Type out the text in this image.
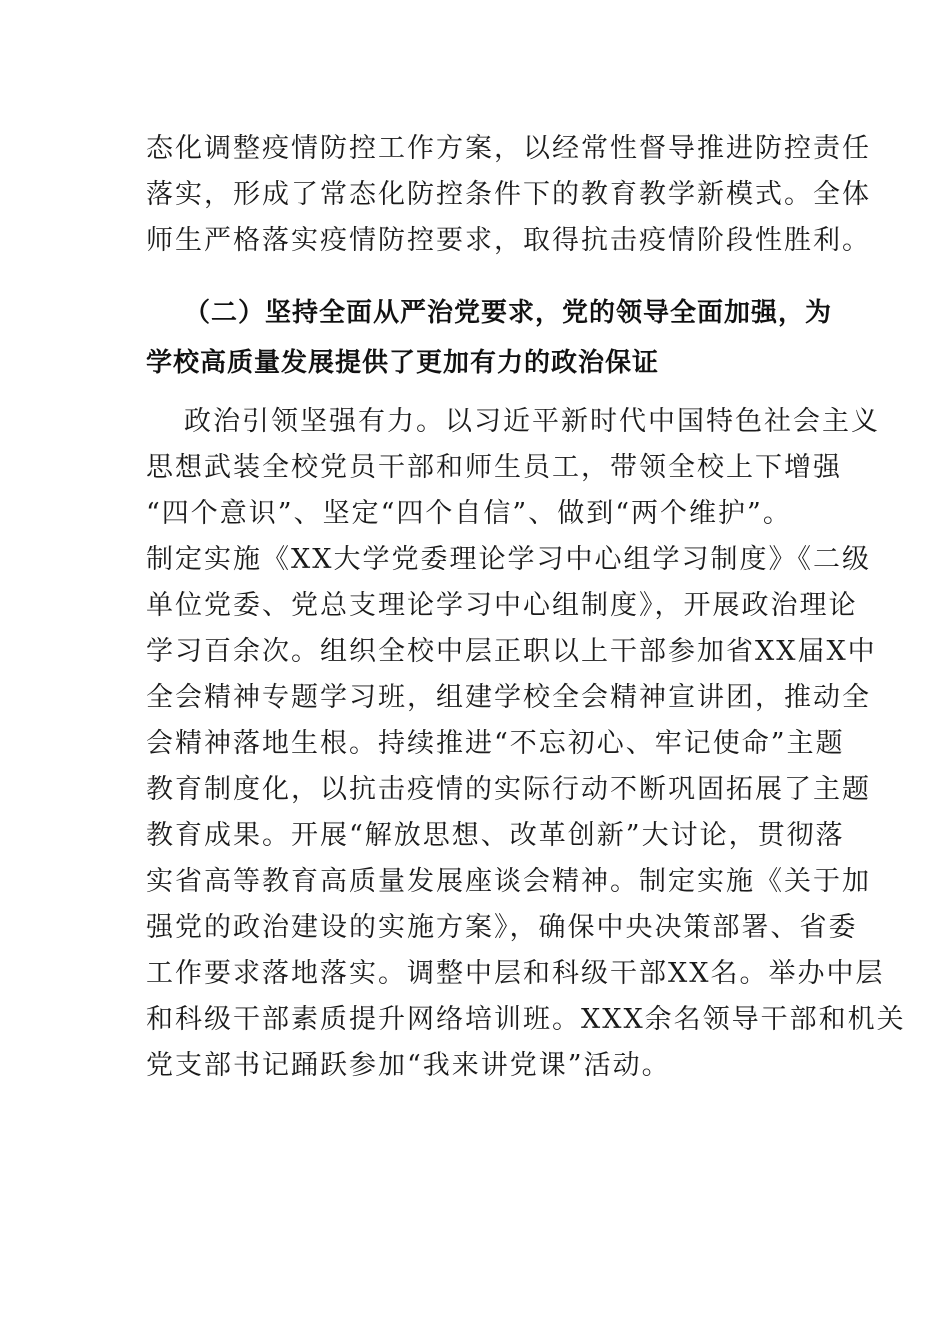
态化调整疫情防控工作方案，以经常性督导推进防控责任
落实，形成了常态化防控条件下的教育教学新模式。全体
师生严格落实疫情防控要求，取得抗击疫情阶段性胜利。
（二）坚持全面从严治党要求，党的领导全面加强，为
学校高质量发展提供了更加有力的政治保证
政治引领坚强有力。以习近平新时代中国特色社会主义
思想武装全校党员干部和师生员工，带领全校上下增强
“四个意识”、坚定“四个自信”、做到“两个维护”。
制定实施《XX大学党委理论学习中心组学习制度》《二级
单位党委、党总支理论学习中心组制度》，开展政治理论
学习百余次。组织全校中层正职以上干部参加省XX届X中
全会精神专题学习班，组建学校全会精神宣讲团，推动全
会精神落地生根。持续推进“不忘初心、牢记使命”主题
教育制度化，以抗击疫情的实际行动不断巩固拓展了主题
教育成果。开展“解放思想、改革创新”大讨论，贯彻落
实省高等教育高质量发展座谈会精神。制定实施《关于加
强党的政治建设的实施方案》，确保中央决策部署、省委
工作要求落地落实。调整中层和科级干部XX名。举办中层
和科级干部素质提升网络培训班。XXX余名领导干部和机关
党支部书记踊跃参加“我来讲党课”活动。
